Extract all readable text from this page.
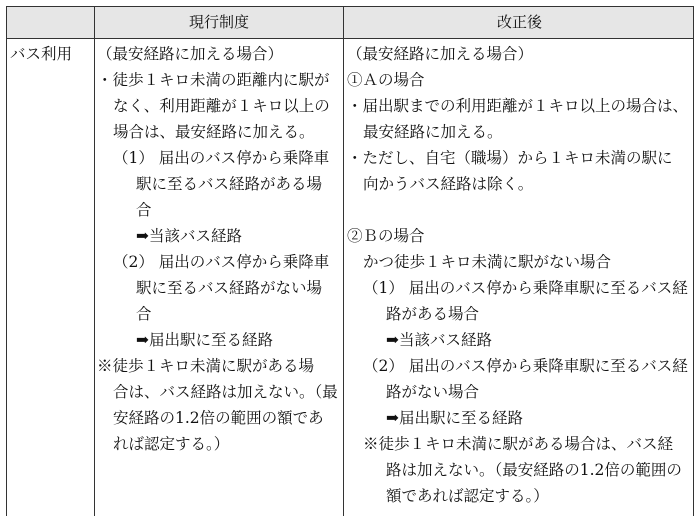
現行制度	改正後
バス利用 （最安経路に加える場合）
・徒歩１キロ未満の距離内に駅が
なく、利用距離が１キロ以上の
場合は、最安経路に加える。
（1） 届出のバス停から乗降車
駅に至るバス経路がある場
合
➡当該バス経路
（2） 届出のバス停から乗降車
駅に至るバス経路がない場
合
➡届出駅に至る経路
※徒歩１キロ未満に駅がある場
合は、バス経路は加えない。（最
安経路の1.2倍の範囲の額であ
れば認定する。）
（最安経路に加える場合）
①Ａの場合
・届出駅までの利用距離が１キロ以上の場合は、
最安経路に加える。
・ただし、自宅（職場）から１キロ未満の駅に
向かうバス経路は除く。
②Ｂの場合
かつ徒歩１キロ未満に駅がない場合
（1） 届出のバス停から乗降車駅に至るバス経
路がある場合
➡当該バス経路
（2） 届出のバス停から乗降車駅に至るバス経
路がない場合
➡届出駅に至る経路
※徒歩１キロ未満に駅がある場合は、バス経
路は加えない。（最安経路の1.2倍の範囲の
額であれば認定する。）
